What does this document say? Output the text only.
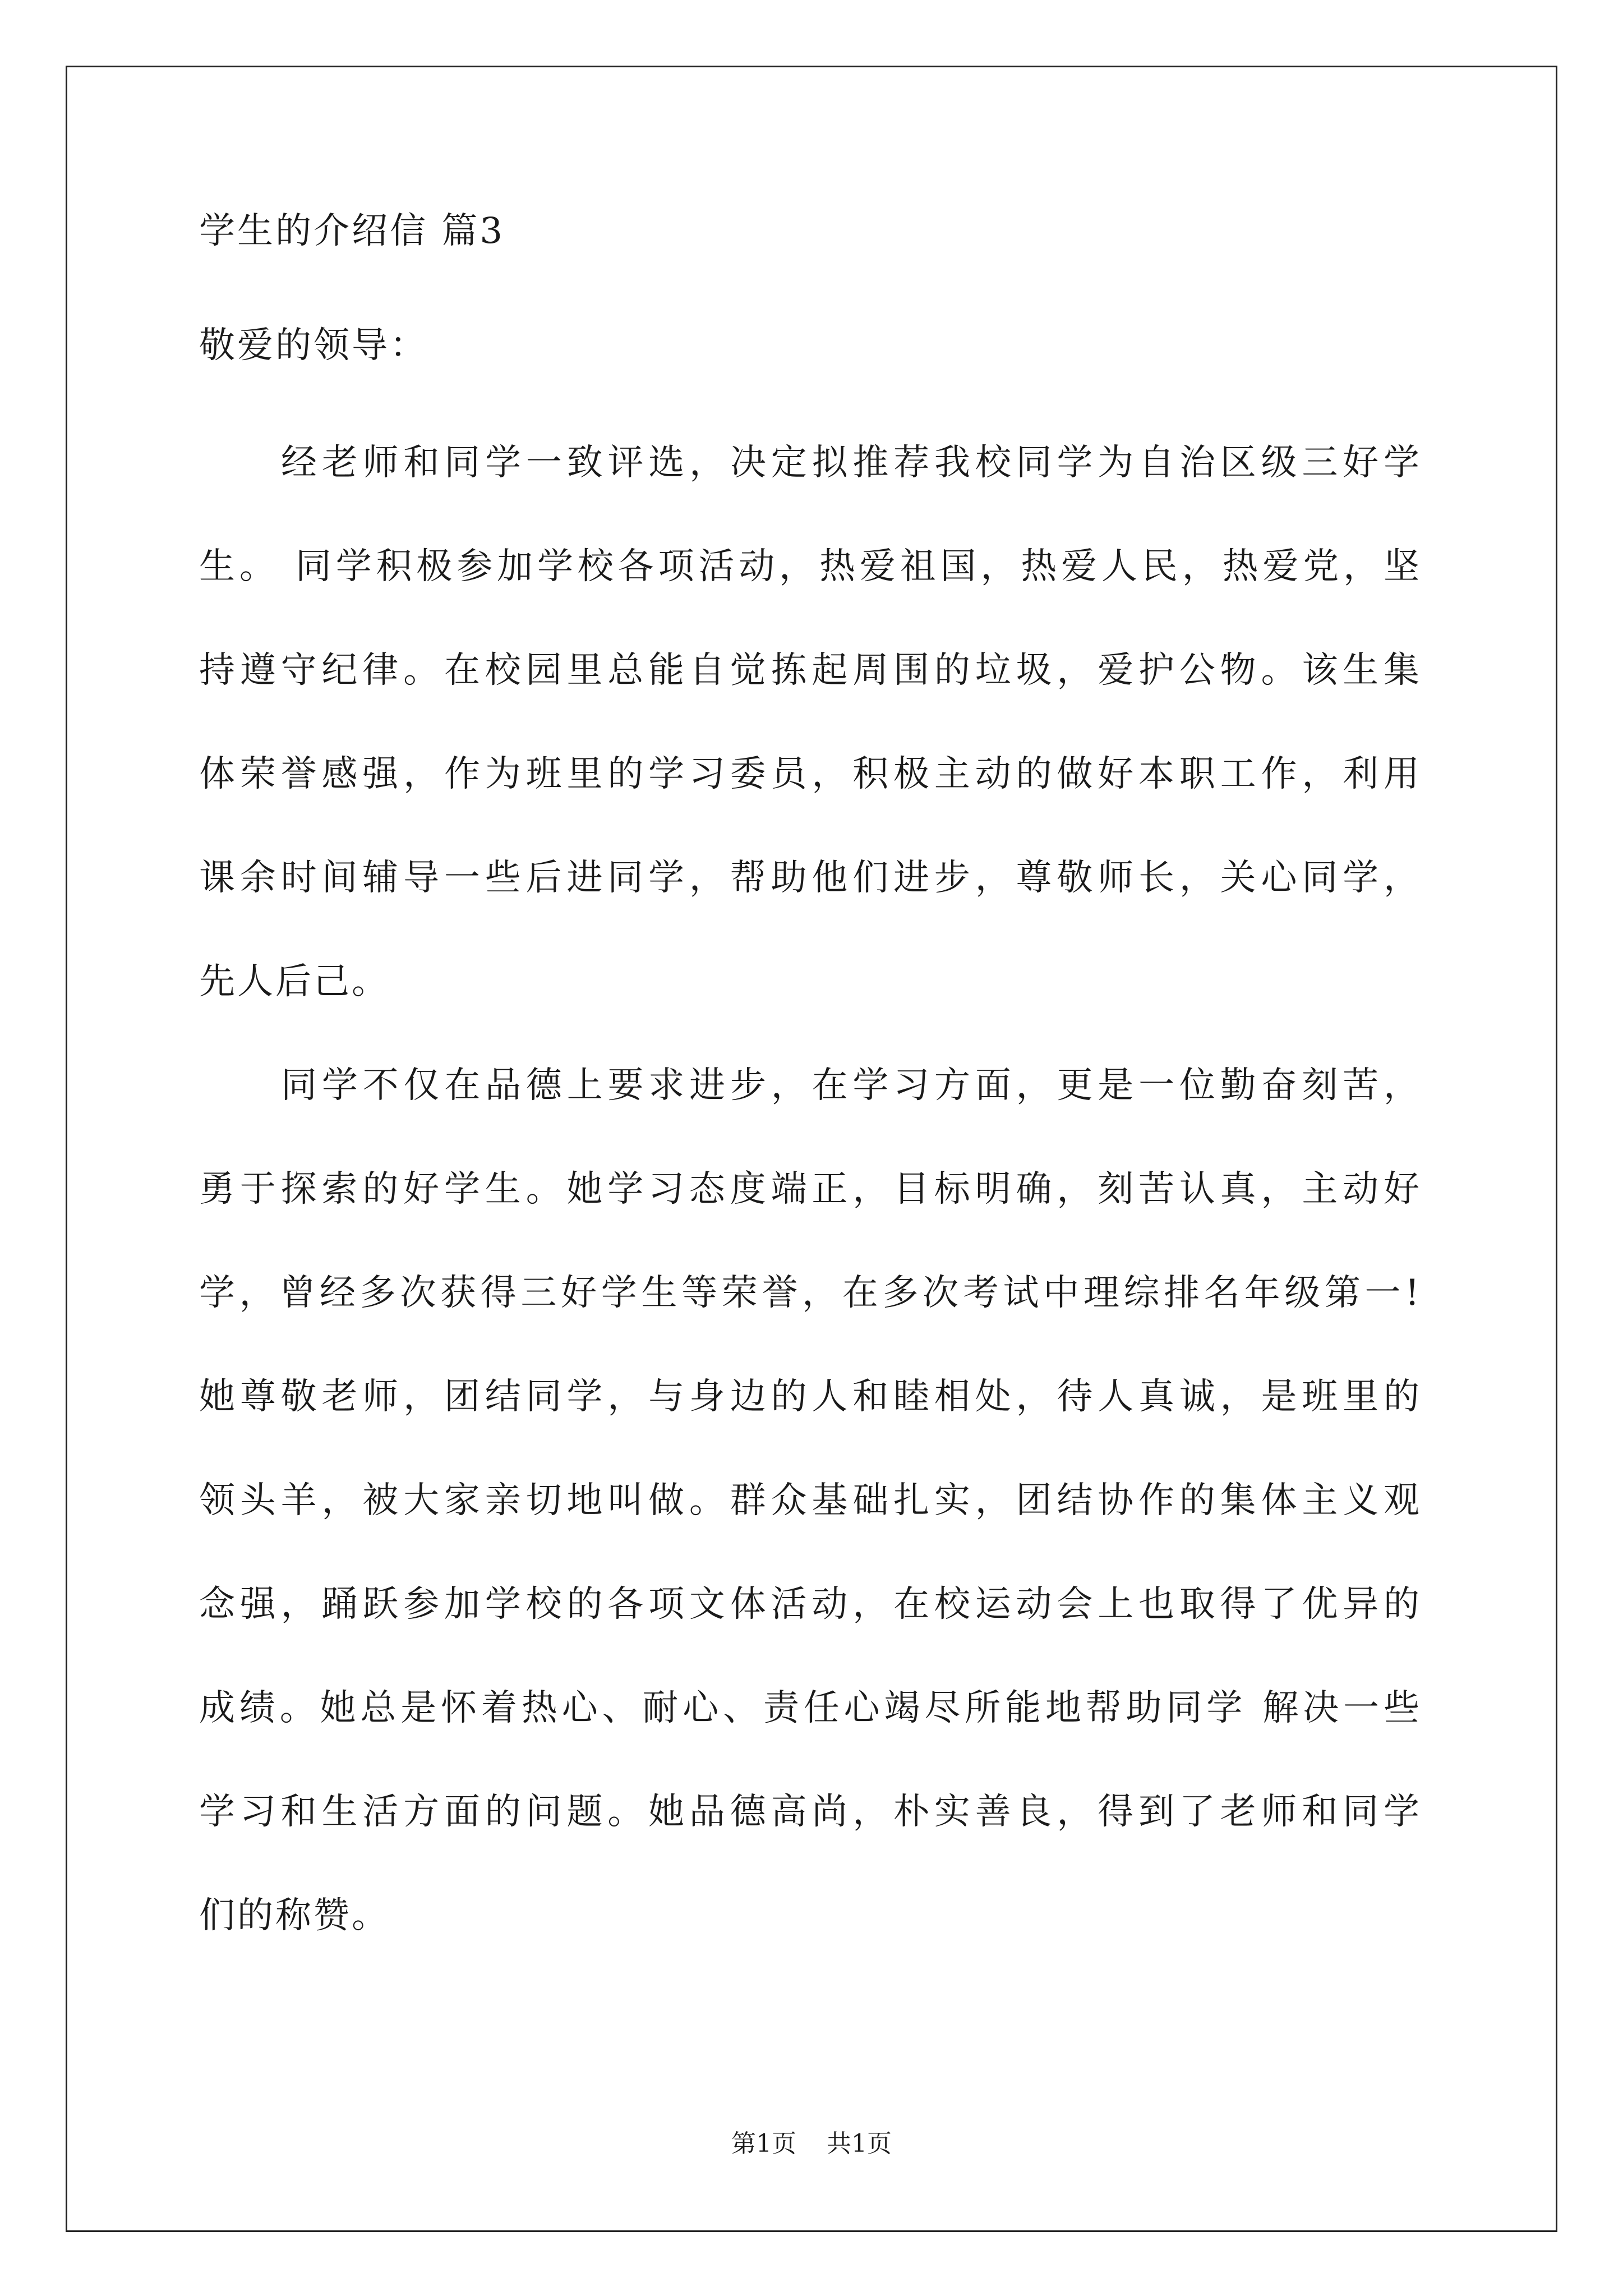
学生的介绍信 篇3

敬爱的领导：

经老师和同学一致评选，决定拟推荐我校同学为自治区级三好学

生。 同学积极参加学校各项活动，热爱祖国，热爱人民，热爱党，坚

持遵守纪律。在校园里总能自觉拣起周围的垃圾，爱护公物。该生集

体荣誉感强，作为班里的学习委员，积极主动的做好本职工作，利用

课余时间辅导一些后进同学，帮助他们进步，尊敬师长，关心同学，

先人后己。

同学不仅在品德上要求进步，在学习方面，更是一位勤奋刻苦，

勇于探索的好学生。她学习态度端正，目标明确，刻苦认真，主动好

学，曾经多次获得三好学生等荣誉，在多次考试中理综排名年级第一!

她尊敬老师，团结同学，与身边的人和睦相处，待人真诚，是班里的

领头羊，被大家亲切地叫做。群众基础扎实，团结协作的集体主义观

念强，踊跃参加学校的各项文体活动，在校运动会上也取得了优异的

成绩。她总是怀着热心、耐心、责任心竭尽所能地帮助同学 解决一些

学习和生活方面的问题。她品德高尚，朴实善良，得到了老师和同学

们的称赞。

第1页 共1页
